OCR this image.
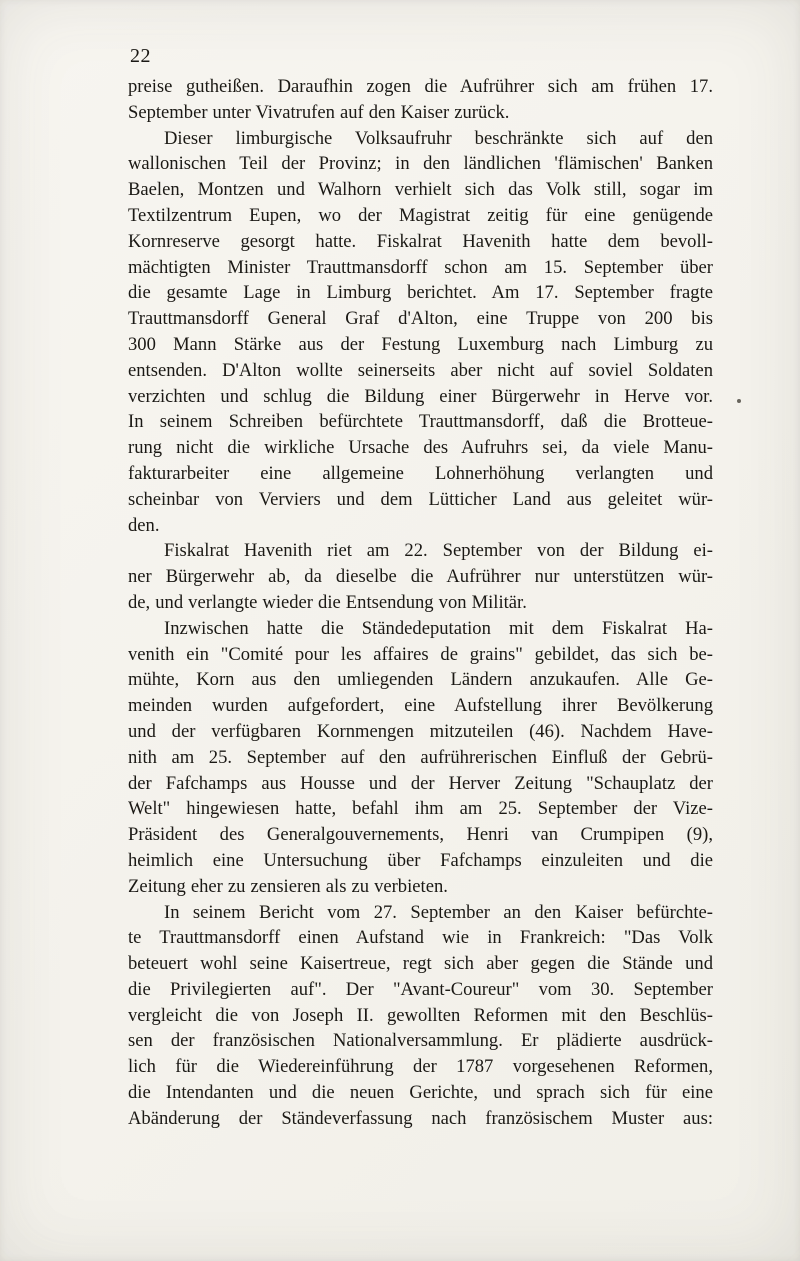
22
preise gutheißen. Daraufhin zogen die Aufrührer sich am frühen 17.
September unter Vivatrufen auf den Kaiser zurück.
Dieser limburgische Volksaufruhr beschränkte sich auf den
wallonischen Teil der Provinz; in den ländlichen 'flämischen' Banken
Baelen, Montzen und Walhorn verhielt sich das Volk still, sogar im
Textilzentrum Eupen, wo der Magistrat zeitig für eine genügende
Kornreserve gesorgt hatte. Fiskalrat Havenith hatte dem bevoll-
mächtigten Minister Trauttmansdorff schon am 15. September über
die gesamte Lage in Limburg berichtet. Am 17. September fragte
Trauttmansdorff General Graf d'Alton, eine Truppe von 200 bis
300 Mann Stärke aus der Festung Luxemburg nach Limburg zu
entsenden. D'Alton wollte seinerseits aber nicht auf soviel Soldaten
verzichten und schlug die Bildung einer Bürgerwehr in Herve vor.
In seinem Schreiben befürchtete Trauttmansdorff, daß die Brotteue-
rung nicht die wirkliche Ursache des Aufruhrs sei, da viele Manu-
fakturarbeiter eine allgemeine Lohnerhöhung verlangten und
scheinbar von Verviers und dem Lütticher Land aus geleitet wür-
den.
Fiskalrat Havenith riet am 22. September von der Bildung ei-
ner Bürgerwehr ab, da dieselbe die Aufrührer nur unterstützen wür-
de, und verlangte wieder die Entsendung von Militär.
Inzwischen hatte die Ständedeputation mit dem Fiskalrat Ha-
venith ein "Comité pour les affaires de grains" gebildet, das sich be-
mühte, Korn aus den umliegenden Ländern anzukaufen. Alle Ge-
meinden wurden aufgefordert, eine Aufstellung ihrer Bevölkerung
und der verfügbaren Kornmengen mitzuteilen (46). Nachdem Have-
nith am 25. September auf den aufrührerischen Einfluß der Gebrü-
der Fafchamps aus Housse und der Herver Zeitung "Schauplatz der
Welt" hingewiesen hatte, befahl ihm am 25. September der Vize-
Präsident des Generalgouvernements, Henri van Crumpipen (9),
heimlich eine Untersuchung über Fafchamps einzuleiten und die
Zeitung eher zu zensieren als zu verbieten.
In seinem Bericht vom 27. September an den Kaiser befürchte-
te Trauttmansdorff einen Aufstand wie in Frankreich: "Das Volk
beteuert wohl seine Kaisertreue, regt sich aber gegen die Stände und
die Privilegierten auf". Der "Avant-Coureur" vom 30. September
vergleicht die von Joseph II. gewollten Reformen mit den Beschlüs-
sen der französischen Nationalversammlung. Er plädierte ausdrück-
lich für die Wiedereinführung der 1787 vorgesehenen Reformen,
die Intendanten und die neuen Gerichte, und sprach sich für eine
Abänderung der Ständeverfassung nach französischem Muster aus:
